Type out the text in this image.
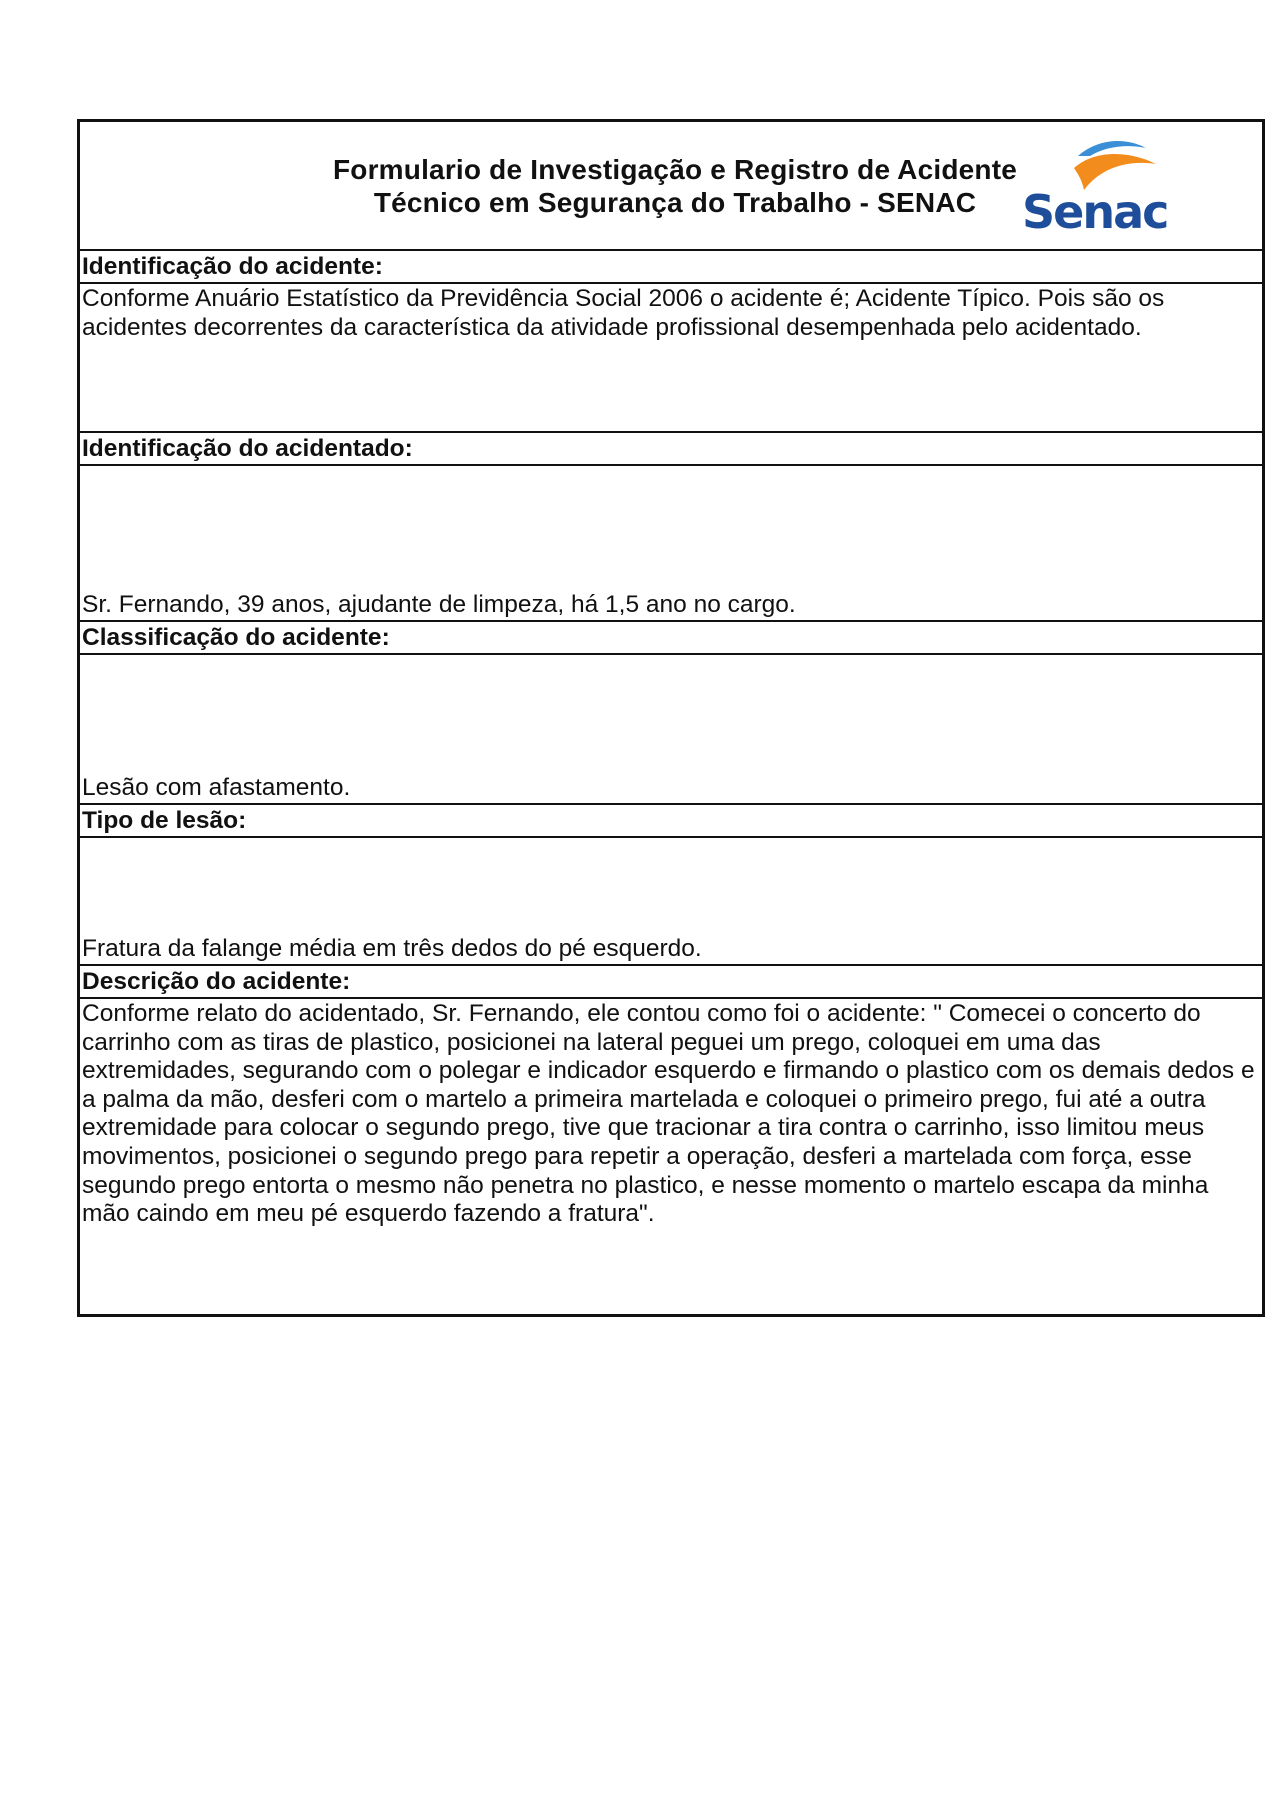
Formulario de Investigação e Registro de Acidente
Técnico em Segurança do Trabalho - SENAC Senac
Identificação do acidente:
Conforme Anuário Estatístico da Previdência Social 2006 o acidente é; Acidente Típico. Pois são os acidentes decorrentes da característica da atividade profissional desempenhada pelo acidentado.
Identificação do acidentado:
Sr. Fernando, 39 anos, ajudante de limpeza, há 1,5 ano no cargo.
Classificação do acidente:
Lesão com afastamento.
Tipo de lesão:
Fratura da falange média em três dedos do pé esquerdo.
Descrição do acidente:
Conforme relato do acidentado, Sr. Fernando, ele contou como foi o acidente: " Comecei o concerto do carrinho com as tiras de plastico, posicionei na lateral peguei um prego, coloquei em uma das extremidades, segurando com o polegar e indicador esquerdo e firmando o plastico com os demais dedos e a palma da mão, desferi com o martelo a primeira martelada e coloquei o primeiro prego, fui até a outra extremidade para colocar o segundo prego, tive que tracionar a tira contra o carrinho, isso limitou meus movimentos, posicionei o segundo prego para repetir a operação, desferi a martelada com força, esse segundo prego entorta o mesmo não penetra no plastico, e nesse momento o martelo escapa da minha mão caindo em meu pé esquerdo fazendo a fratura".
